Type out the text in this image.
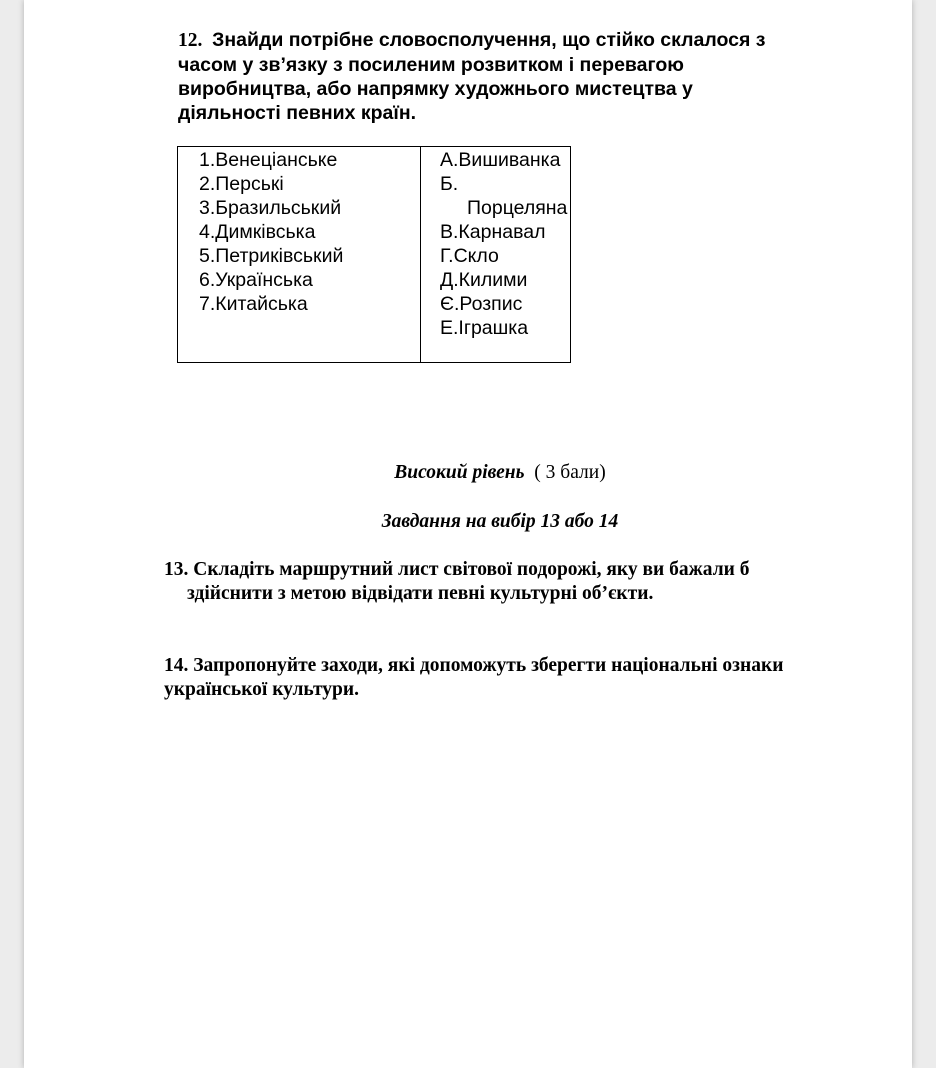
12. Знайди потрібне словосполучення, що стійко склалося з
часом у зв’язку з посиленим розвитком і перевагою
виробництва, або напрямку художнього мистецтва у
діяльності певних країн.
1.Венеціанське
2.Перські
3.Бразильський
4.Димківська
5.Петриківський
6.Українська
7.Китайська
А.Вишиванка
Б.
Порцеляна
В.Карнавал
Г.Скло
Д.Килими
Є.Розпис
Е.Іграшка
Високий рівень ( 3 бали)
Завдання на вибір 13 або 14
13. Складіть маршрутний лист світової подорожі, яку ви бажали б
здійснити з метою відвідати певні культурні об’єкти.
14. Запропонуйте заходи, які допоможуть зберегти національні ознаки
української культури.
